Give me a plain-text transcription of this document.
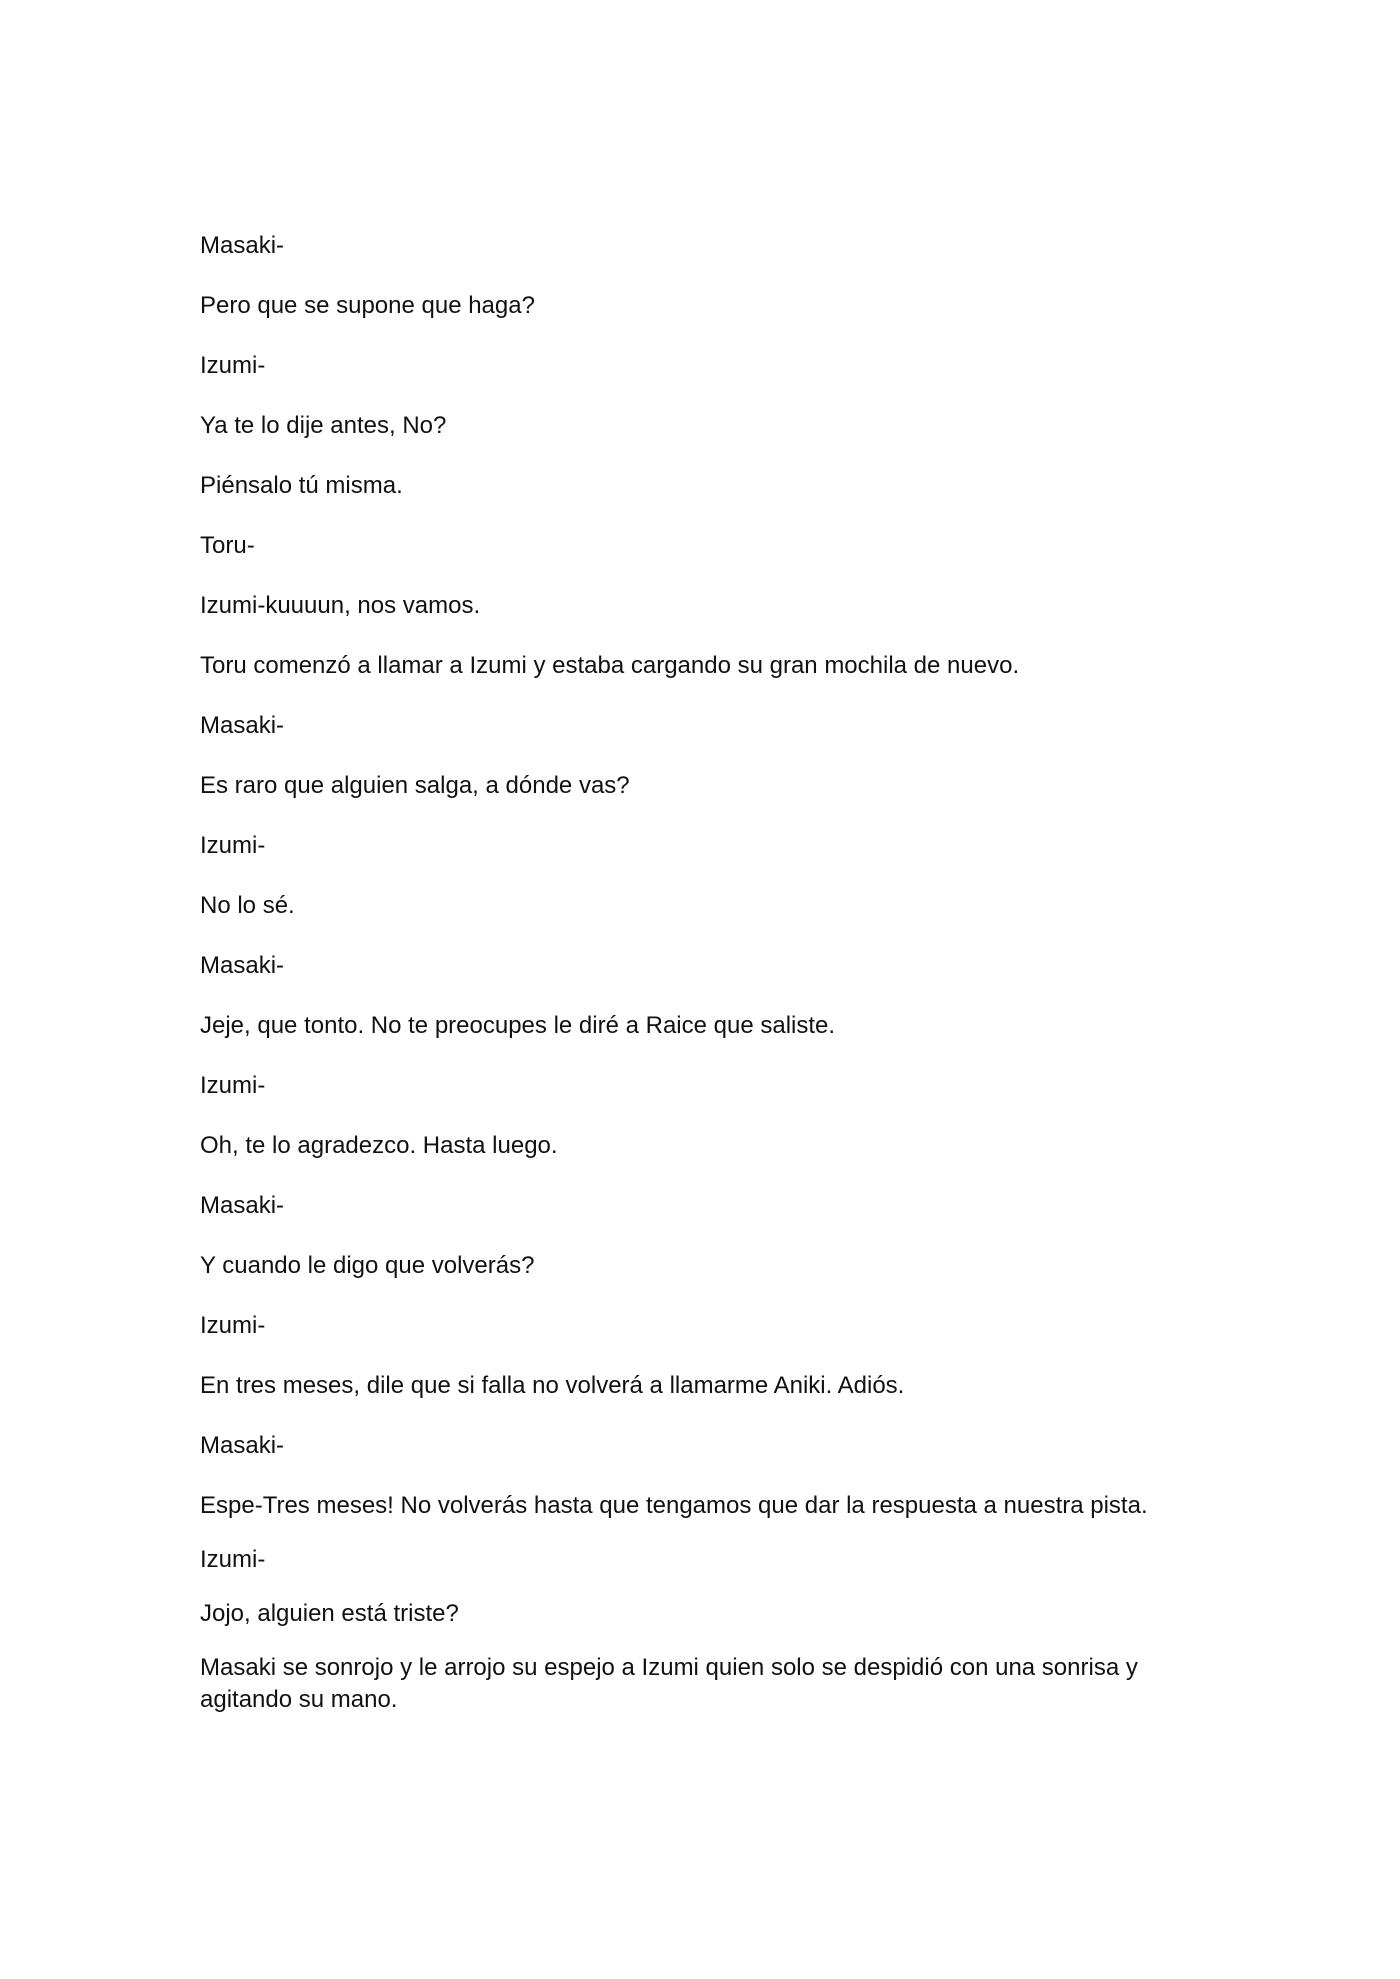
Masaki-

Pero que se supone que haga?

Izumi-

Ya te lo dije antes, No?

Piénsalo tú misma.

Toru-

Izumi-kuuuun, nos vamos.

Toru comenzó a llamar a Izumi y estaba cargando su gran mochila de nuevo.

Masaki-

Es raro que alguien salga, a dónde vas?

Izumi-

No lo sé.

Masaki-

Jeje, que tonto. No te preocupes le diré a Raice que saliste.

Izumi-

Oh, te lo agradezco. Hasta luego.

Masaki-

Y cuando le digo que volverás?

Izumi-

En tres meses, dile que si falla no volverá a llamarme Aniki. Adiós.

Masaki-

Espe-Tres meses! No volverás hasta que tengamos que dar la respuesta a nuestra pista.

Izumi-

Jojo, alguien está triste?

Masaki se sonrojo y le arrojo su espejo a Izumi quien solo se despidió con una sonrisa y agitando su mano.
